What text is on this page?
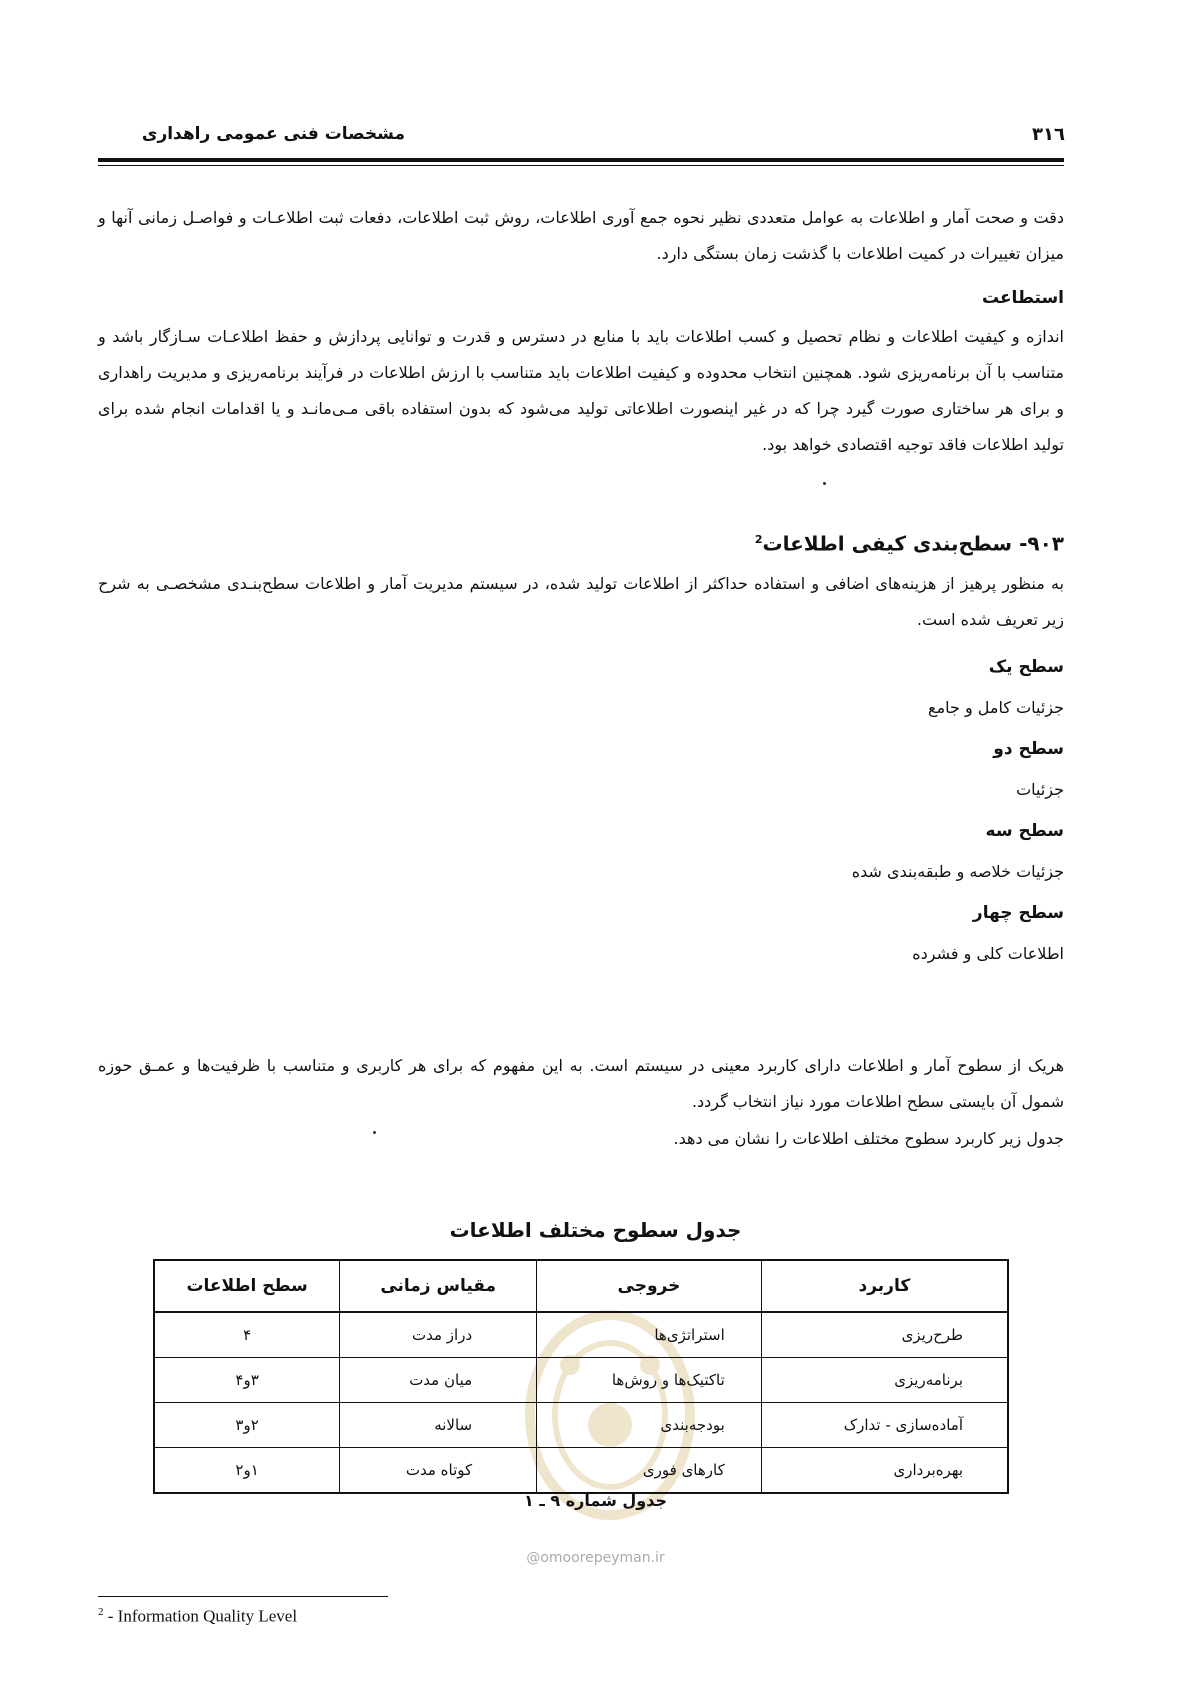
۳۱٦
مشخصات فنی عمومی راهداری

دقت و صحت آمار و اطلاعات به عوامل متعددی نظیر نحوه جمع آوری اطلاعات، روش ثبت اطلاعات، دفعات ثبت اطلاعـات و فواصـل زمانی آنها و میزان تغییرات در کمیت اطلاعات با گذشت زمان بستگی دارد.

استطاعت

اندازه و کیفیت اطلاعات و نظام تحصیل و کسب اطلاعات باید با منابع در دسترس و قدرت و توانایی پردازش و حفظ اطلاعـات سـازگار باشد و متناسب با آن برنامه‌ریزی شود. همچنین انتخاب محدوده و کیفیت اطلاعات باید متناسب با ارزش اطلاعات در فرآیند برنامه‌ریزی و مدیریت راهداری و برای هر ساختاری صورت گیرد چرا که در غیر اینصورت اطلاعاتی تولید می‌شود که بدون استفاده باقی مـی‌مانـد و یا اقدامات انجام شده برای تولید اطلاعات فاقد توجیه اقتصادی خواهد بود.

۹۰۳- سطح‌بندی کیفی اطلاعات$^2$

به منظور پرهیز از هزینه‌های اضافی و استفاده حداکثر از اطلاعات تولید شده، در سیستم مدیریت آمار و اطلاعات سطح‌بنـدی مشخصـی به شرح زیر تعریف شده است.

سطح یک

جزئیات کامل و جامع

سطح دو

جزئیات

سطح سه

جزئیات خلاصه و طبقه‌بندی شده

سطح چهار

اطلاعات کلی و فشرده

هریک از سطوح آمار و اطلاعات دارای کاربرد معینی در سیستم است. به این مفهوم که برای هر کاربری و متناسب با ظرفیت‌ها و عمـق حوزه شمول آن بایستی سطح اطلاعات مورد نیاز انتخاب گردد.

جدول زیر کاربرد سطوح مختلف اطلاعات را نشان می دهد.

جدول سطوح مختلف اطلاعات
کاربرد	خروجی	مقیاس زمانی	سطح اطلاعات
طرح‌ریزی	استراتژی‌ها	دراز مدت	۴
برنامه‌ریزی	تاکتیک‌ها و روش‌ها	میان مدت	۳و۴
آماده‌سازی - تدارک	بودجه‌بندی	سالانه	۲و۳
بهره‌برداری	کارهای فوری	کوتاه مدت	۱و۲
جدول شماره ۹ ـ ۱
@omoorepeyman.ir
$^2$ - Information Quality Level
